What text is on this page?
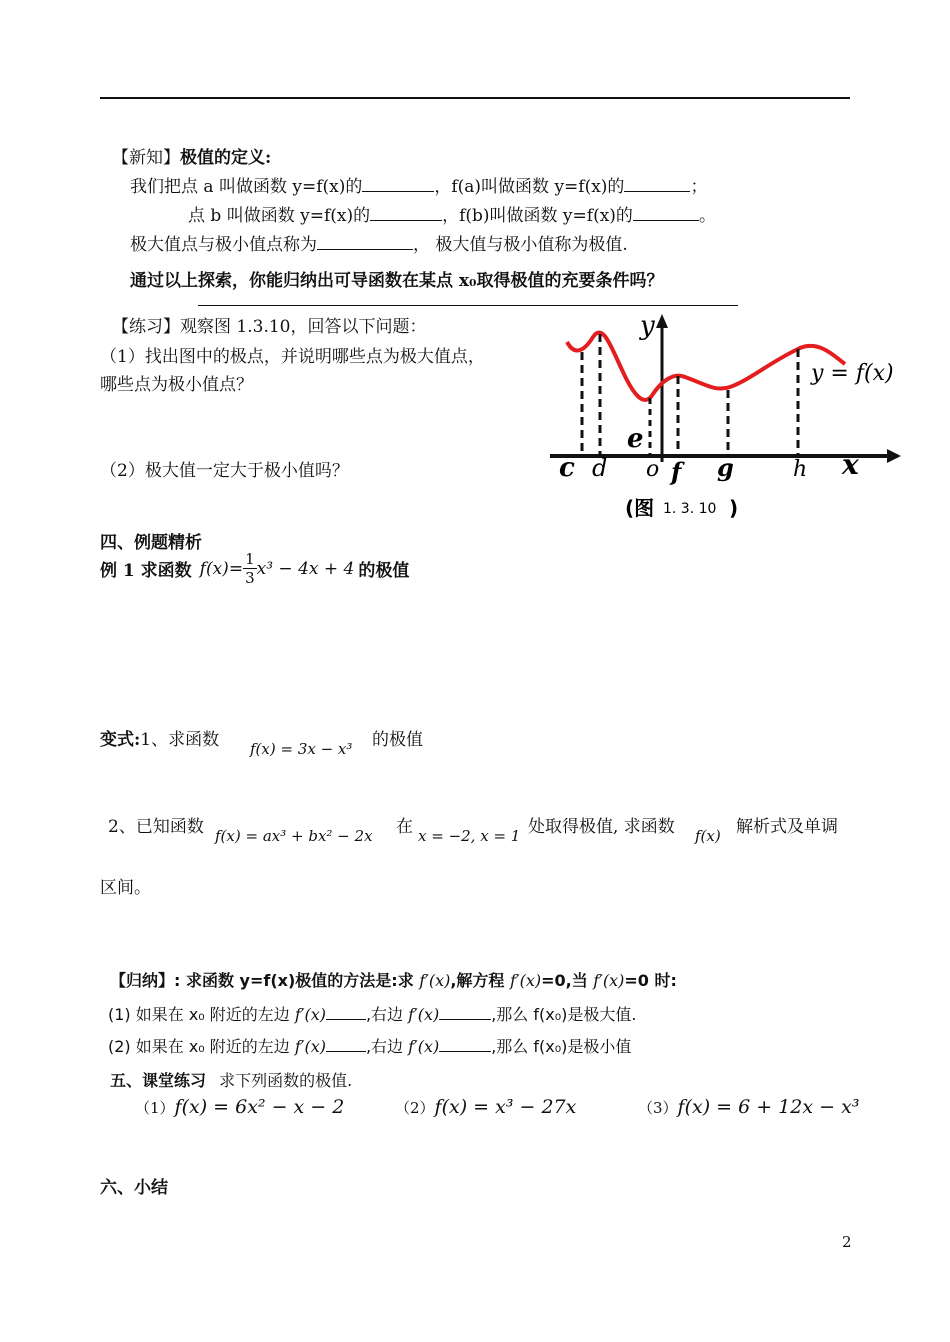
【新知】极值的定义:
我们把点 a 叫做函数 y=f(x)的	，f(a)叫做函数 y=f(x)的	；
点 b 叫做函数 y=f(x)的	，f(b)叫做函数 y=f(x)的	。
极大值点与极小值点称为	， 极大值与极小值称为极值.
通过以上探索，你能归纳出可导函数在某点 x₀取得极值的充要条件吗？
【练习】观察图 1.3.10，回答以下问题：
（1）找出图中的极点，并说明哪些点为极大值点，
哪些点为极小值点？
（2）极大值一定大于极小值吗？
y
x
c d o f g	h
e
y = f(x)
(图 1. 3. 10 )
四、例题精析
例 1 求函数 $f(x)= \frac{1}{3} x^3 - 4x + 4$ 的极值
变式:1、求函数 f(x) = 3x − x³ 的极值
2、已知函数 f(x) = ax³ + bx² − 2x 在 x = −2, x = 1 处取得极值, 求函数 f(x) 解析式及单调
区间。
【归纳】: 求函数 y=f(x)极值的方法是:求 f′(x),解方程 f′(x)=0,当 f′(x)=0 时:
(1) 如果在 x₀ 附近的左边 f′(x)	,右边 f′(x)	,那么 f(x₀)是极大值.
(2) 如果在 x₀ 附近的左边 f′(x)	,右边 f′(x)	,那么 f(x₀)是极小值
五、课堂练习 求下列函数的极值.
（1）f(x) = 6x² − x − 2	（2）f(x) = x³ − 27x	（3）f(x) = 6 + 12x − x³
六、小结
2
